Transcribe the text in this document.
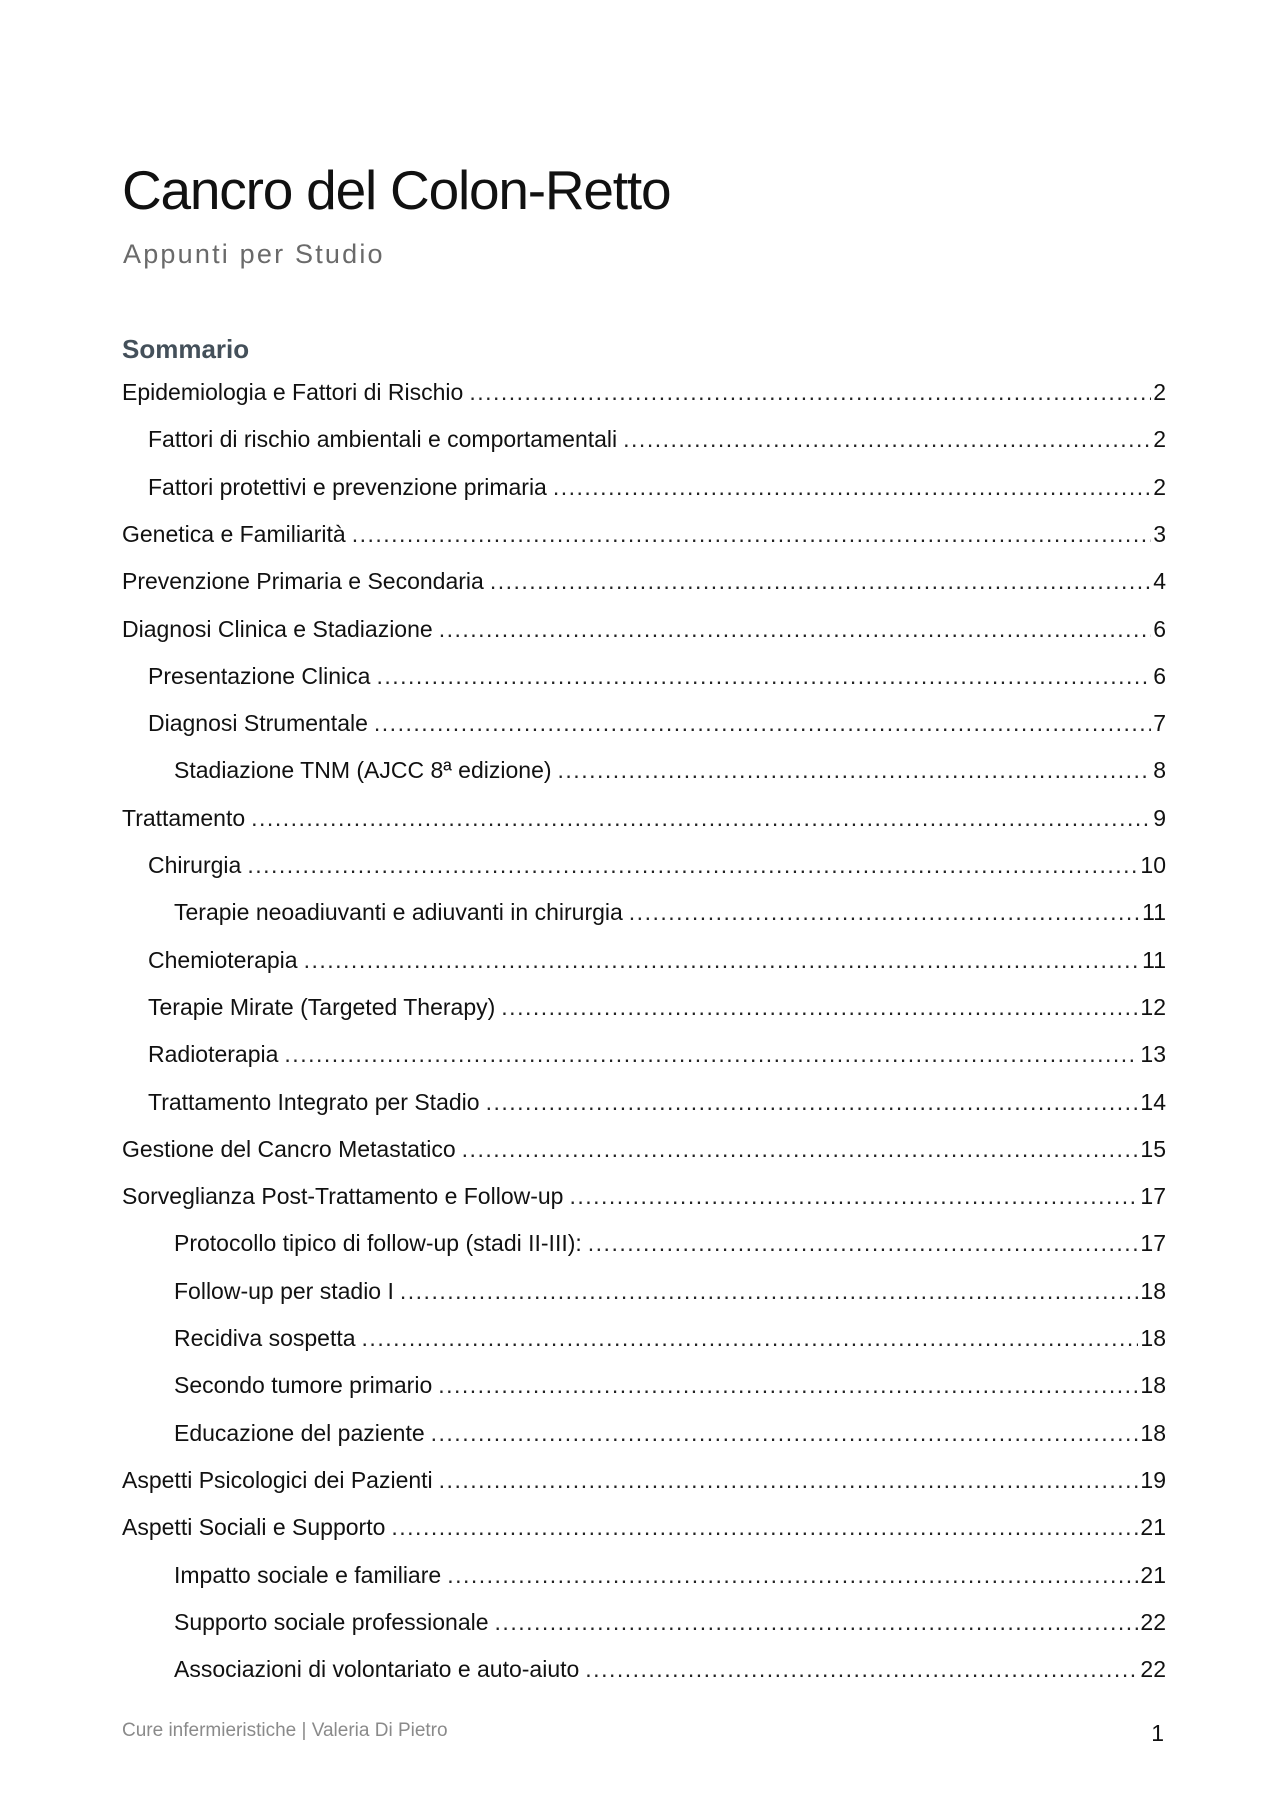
Cancro del Colon-Retto
Appunti per Studio
Sommario
Epidemiologia e Fattori di Rischio .....	2
Fattori di rischio ambientali e comportamentali .....	2
Fattori protettivi e prevenzione primaria .....	2
Genetica e Familiarità .....	3
Prevenzione Primaria e Secondaria .....	4
Diagnosi Clinica e Stadiazione .....	6
Presentazione Clinica .....	6
Diagnosi Strumentale .....	7
Stadiazione TNM (AJCC 8ª edizione) .....	8
Trattamento .....	9
Chirurgia .....	10
Terapie neoadiuvanti e adiuvanti in chirurgia .....	11
Chemioterapia .....	11
Terapie Mirate (Targeted Therapy) .....	12
Radioterapia .....	13
Trattamento Integrato per Stadio .....	14
Gestione del Cancro Metastatico .....	15
Sorveglianza Post-Trattamento e Follow-up .....	17
Protocollo tipico di follow-up (stadi II-III): .....	17
Follow-up per stadio I .....	18
Recidiva sospetta .....	18
Secondo tumore primario .....	18
Educazione del paziente .....	18
Aspetti Psicologici dei Pazienti .....	19
Aspetti Sociali e Supporto .....	21
Impatto sociale e familiare .....	21
Supporto sociale professionale .....	22
Associazioni di volontariato e auto-aiuto .....	22
Cure infermieristiche | Valeria Di Pietro	1
